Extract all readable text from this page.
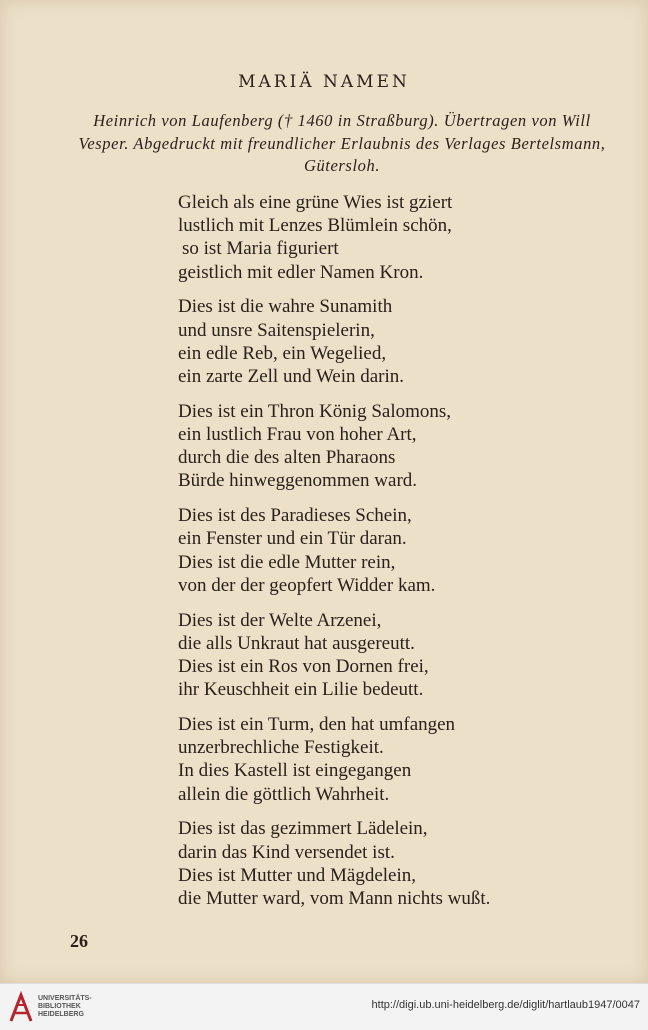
MARIÄ NAMEN
Heinrich von Laufenberg († 1460 in Straßburg). Übertragen von Will Vesper. Abgedruckt mit freundlicher Erlaubnis des Verlages Bertelsmann, Gütersloh.
Gleich als eine grüne Wies ist gziert
lustlich mit Lenzes Blümlein schön,
so ist Maria figuriert
geistlich mit edler Namen Kron.
Dies ist die wahre Sunamith
und unsre Saitenspielerin,
ein edle Reb, ein Wegelied,
ein zarte Zell und Wein darin.
Dies ist ein Thron König Salomons,
ein lustlich Frau von hoher Art,
durch die des alten Pharaons
Bürde hinweggenommen ward.
Dies ist des Paradieses Schein,
ein Fenster und ein Tür daran.
Dies ist die edle Mutter rein,
von der der geopfert Widder kam.
Dies ist der Welte Arzenei,
die alls Unkraut hat ausgereutt.
Dies ist ein Ros von Dornen frei,
ihr Keuschheit ein Lilie bedeutt.
Dies ist ein Turm, den hat umfangen
unzerbrechliche Festigkeit.
In dies Kastell ist eingegangen
allein die göttlich Wahrheit.
Dies ist das gezimmert Lädelein,
darin das Kind versendet ist.
Dies ist Mutter und Mägdelein,
die Mutter ward, vom Mann nichts wußt.
26
UNIVERSITÄTS-
BIBLIOTHEK
HEIDELBERG
http://digi.ub.uni-heidelberg.de/diglit/hartlaub1947/0047
